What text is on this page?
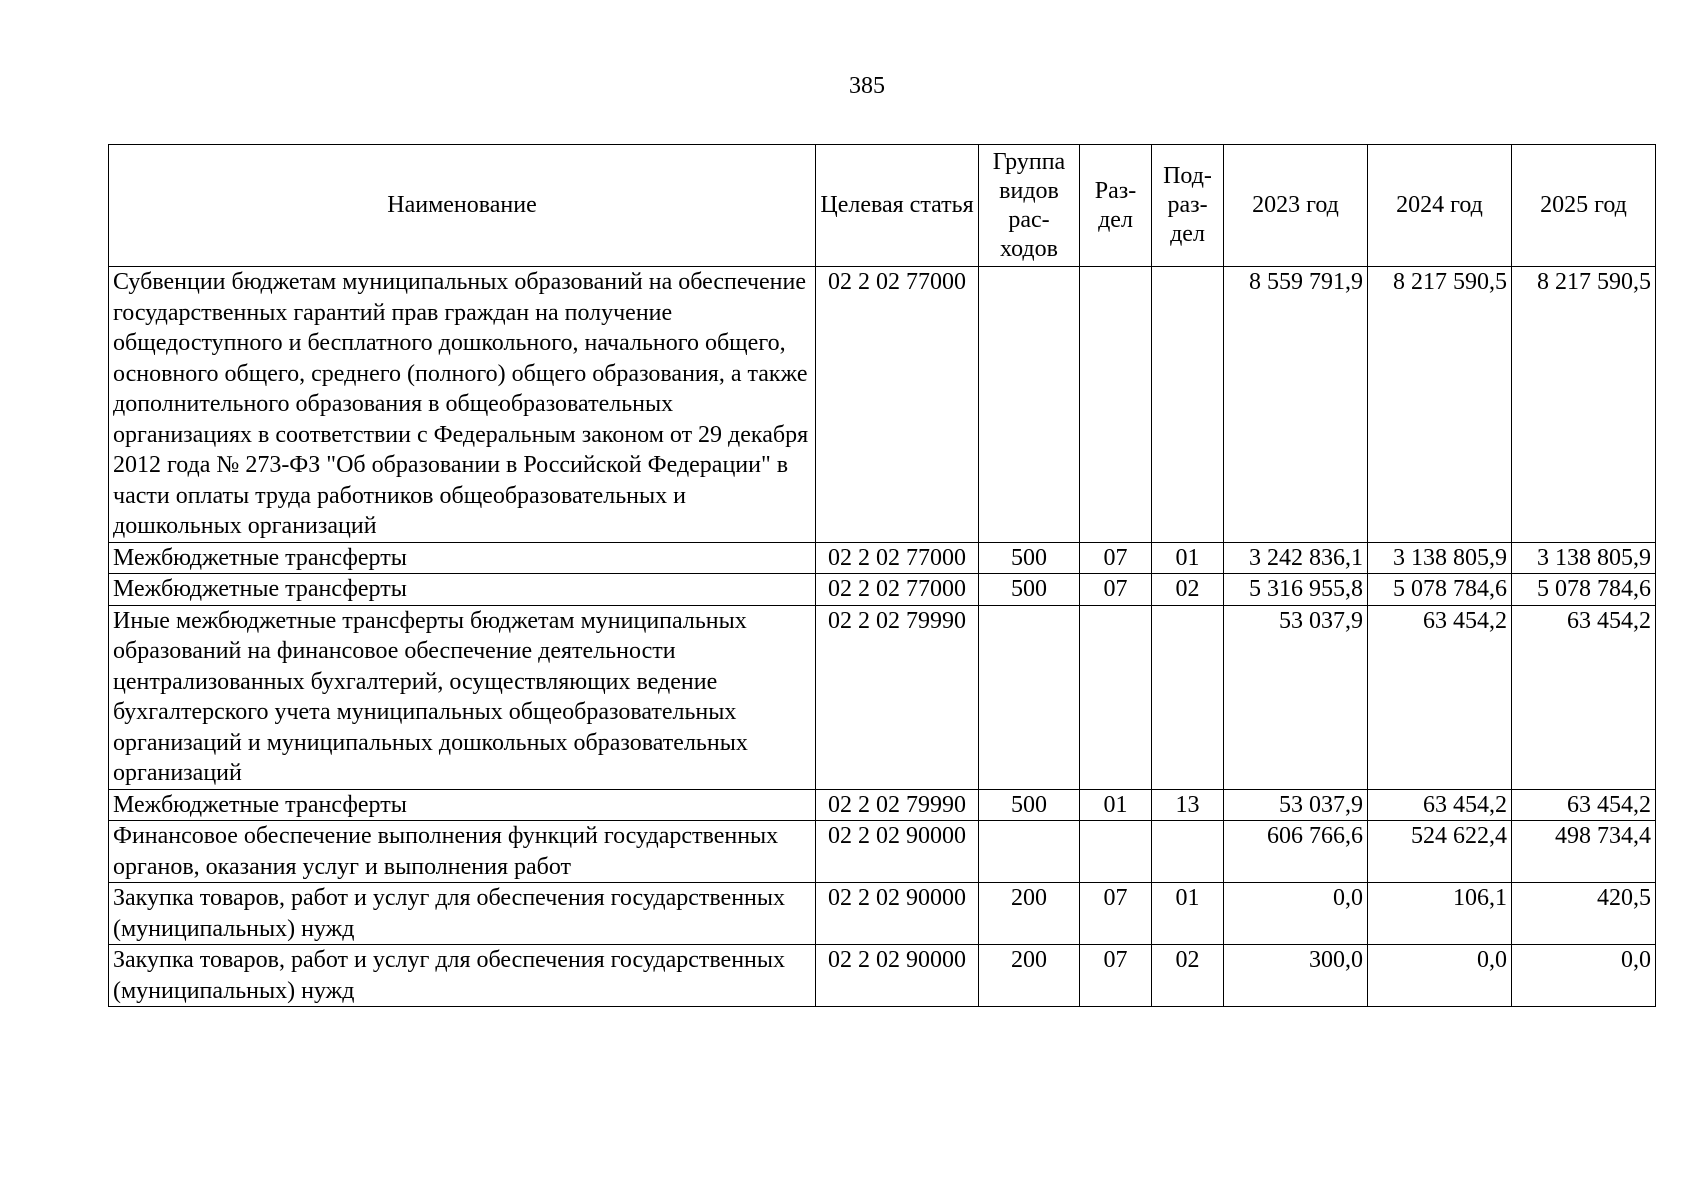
385
Наименование	Целевая статья	Группа видов рас-ходов	Раз-дел	Под-раз-дел	2023 год	2024 год	2025 год
Субвенции бюджетам муниципальных образований на обеспечение государственных гарантий прав граждан на получение общедоступного и бесплатного дошкольного, начального общего, основного общего, среднего (полного) общего образования, а также дополнительного образования в общеобразовательных организациях в соответствии с Федеральным законом от 29 декабря 2012 года № 273-ФЗ "Об образовании в Российской Федерации" в части оплаты труда работников общеобразовательных и дошкольных организаций	02 2 02 77000				8 559 791,9	8 217 590,5	8 217 590,5
Межбюджетные трансферты	02 2 02 77000	500	07	01	3 242 836,1	3 138 805,9	3 138 805,9
Межбюджетные трансферты	02 2 02 77000	500	07	02	5 316 955,8	5 078 784,6	5 078 784,6
Иные межбюджетные трансферты бюджетам муниципальных образований на финансовое обеспечение деятельности централизованных бухгалтерий, осуществляющих ведение бухгалтерского учета муниципальных общеобразовательных организаций и муниципальных дошкольных образовательных организаций	02 2 02 79990				53 037,9	63 454,2	63 454,2
Межбюджетные трансферты	02 2 02 79990	500	01	13	53 037,9	63 454,2	63 454,2
Финансовое обеспечение выполнения функций государственных органов, оказания услуг и выполнения работ	02 2 02 90000				606 766,6	524 622,4	498 734,4
Закупка товаров, работ и услуг для обеспечения государственных (муниципальных) нужд	02 2 02 90000	200	07	01	0,0	106,1	420,5
Закупка товаров, работ и услуг для обеспечения государственных (муниципальных) нужд	02 2 02 90000	200	07	02	300,0	0,0	0,0
